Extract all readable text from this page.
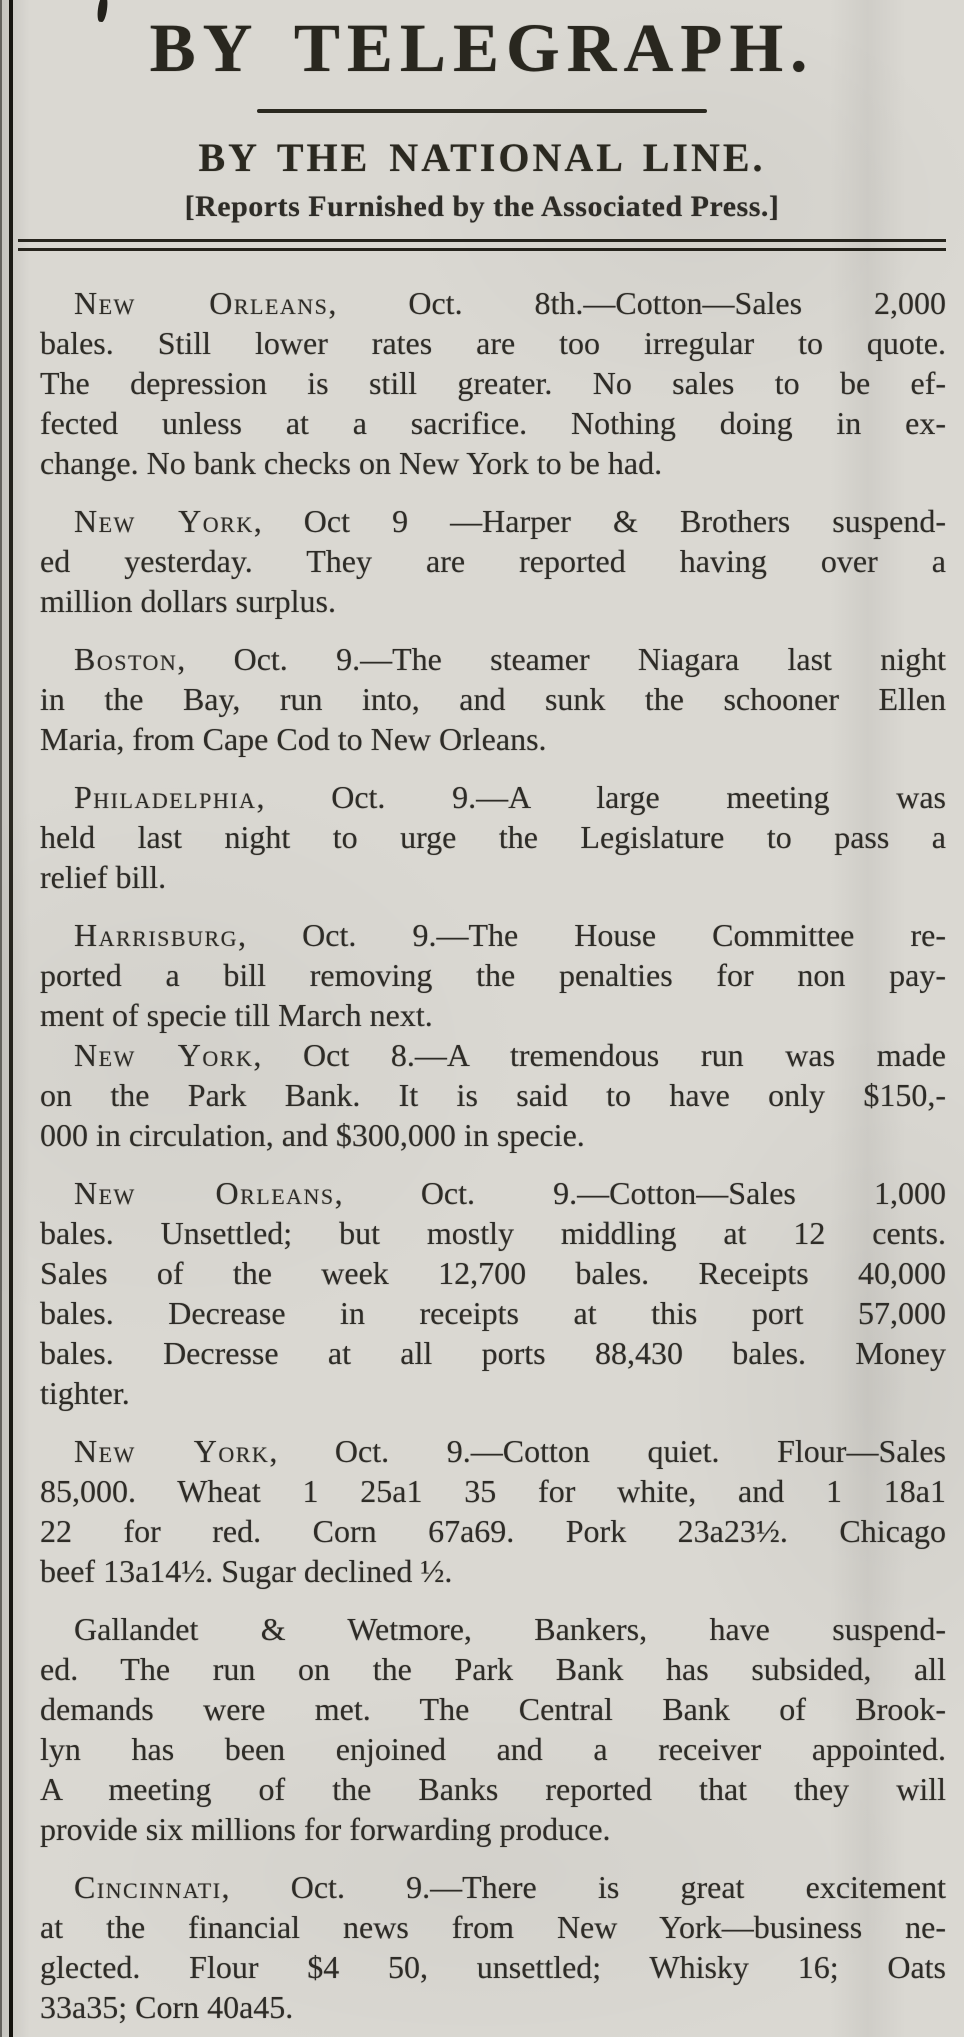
BY TELEGRAPH.
BY THE NATIONAL LINE.
[Reports Furnished by the Associated Press.]
New Orleans, Oct. 8th.—Cotton—Sales 2,000
bales. Still lower rates are too irregular to quote.
The depression is still greater. No sales to be ef-
fected unless at a sacrifice. Nothing doing in ex-
change. No bank checks on New York to be had.
New York, Oct 9 —Harper & Brothers suspend-
ed yesterday. They are reported having over a
million dollars surplus.
Boston, Oct. 9.—The steamer Niagara last night
in the Bay, run into, and sunk the schooner Ellen
Maria, from Cape Cod to New Orleans.
Philadelphia, Oct. 9.—A large meeting was
held last night to urge the Legislature to pass a
relief bill.
Harrisburg, Oct. 9.—The House Committee re-
ported a bill removing the penalties for non pay-
ment of specie till March next.
New York, Oct 8.—A tremendous run was made
on the Park Bank. It is said to have only $150,-
000 in circulation, and $300,000 in specie.
New Orleans, Oct. 9.—Cotton—Sales 1,000
bales. Unsettled; but mostly middling at 12 cents.
Sales of the week 12,700 bales. Receipts 40,000
bales. Decrease in receipts at this port 57,000
bales. Decresse at all ports 88,430 bales. Money
tighter.
New York, Oct. 9.—Cotton quiet. Flour—Sales
85,000. Wheat 1 25a1 35 for white, and 1 18a1
22 for red. Corn 67a69. Pork 23a23½. Chicago
beef 13a14½. Sugar declined ½.
Gallandet & Wetmore, Bankers, have suspend-
ed. The run on the Park Bank has subsided, all
demands were met. The Central Bank of Brook-
lyn has been enjoined and a receiver appointed.
A meeting of the Banks reported that they will
provide six millions for forwarding produce.
Cincinnati, Oct. 9.—There is great excitement
at the financial news from New York—business ne-
glected. Flour $4 50, unsettled; Whisky 16; Oats
33a35; Corn 40a45.
